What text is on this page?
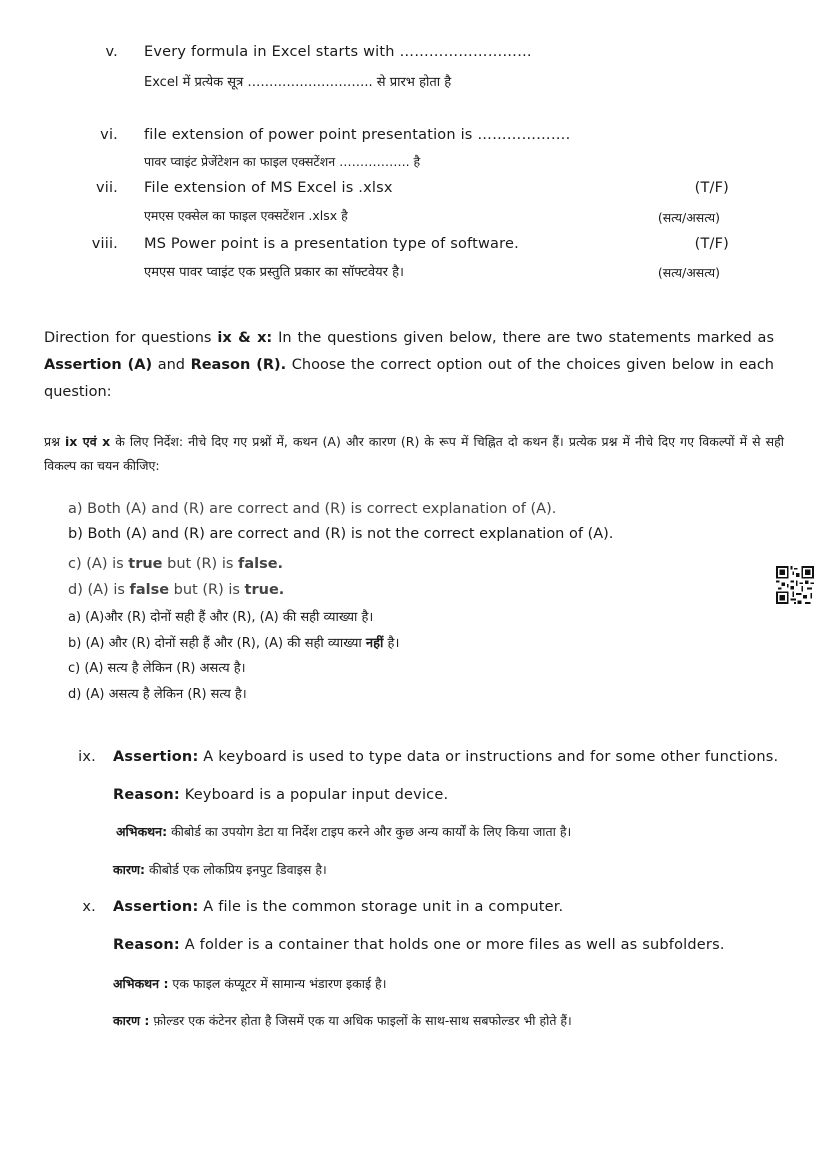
v. Every formula in Excel starts with ………………………
Excel में प्रत्येक सूत्र ……………………….. से प्रारभ होता है
vi. file extension of power point presentation is ……………….
पावर प्वाइंट प्रेजेंटेशन का फाइल एक्सटेंशन …………….. है
vii. File extension of MS Excel is .xlsx	(T/F)
एमएस एक्सेल का फाइल एक्सटेंशन .xlsx है	(सत्य/असत्य)
viii. MS Power point is a presentation type of software.	(T/F)
एमएस पावर प्वाइंट एक प्रस्तुति प्रकार का सॉफ्टवेयर है।	(सत्य/असत्य)
Direction for questions ix & x: In the questions given below, there are two statements marked as Assertion (A) and Reason (R). Choose the correct option out of the choices given below in each question:
प्रश्न ix एवं x के लिए निर्देश: नीचे दिए गए प्रश्नों में, कथन (A) और कारण (R) के रूप में चिह्नित दो कथन हैं। प्रत्येक प्रश्न में नीचे दिए गए विकल्पों में से सही विकल्प का चयन कीजिए:
a) Both (A) and (R) are correct and (R) is correct explanation of (A).
b) Both (A) and (R) are correct and (R) is not the correct explanation of (A).
c) (A) is true but (R) is false.
d) (A) is false but (R) is true.
a) (A)और (R) दोनों सही हैं और (R), (A) की सही व्याख्या है।
b) (A) और (R) दोनों सही हैं और (R), (A) की सही व्याख्या नहीं है।
c) (A) सत्य है लेकिन (R) असत्य है।
d) (A) असत्य है लेकिन (R) सत्य है।
ix. Assertion: A keyboard is used to type data or instructions and for some other functions.
Reason: Keyboard is a popular input device.
अभिकथन: कीबोर्ड का उपयोग डेटा या निर्देश टाइप करने और कुछ अन्य कार्यों के लिए किया जाता है।
कारण: कीबोर्ड एक लोकप्रिय इनपुट डिवाइस है।
x. Assertion: A file is the common storage unit in a computer.
Reason: A folder is a container that holds one or more files as well as subfolders.
अभिकथन : एक फाइल कंप्यूटर में सामान्य भंडारण इकाई है।
कारण : फ़ोल्डर एक कंटेनर होता है जिसमें एक या अधिक फाइलों के साथ-साथ सबफोल्डर भी होते हैं।
